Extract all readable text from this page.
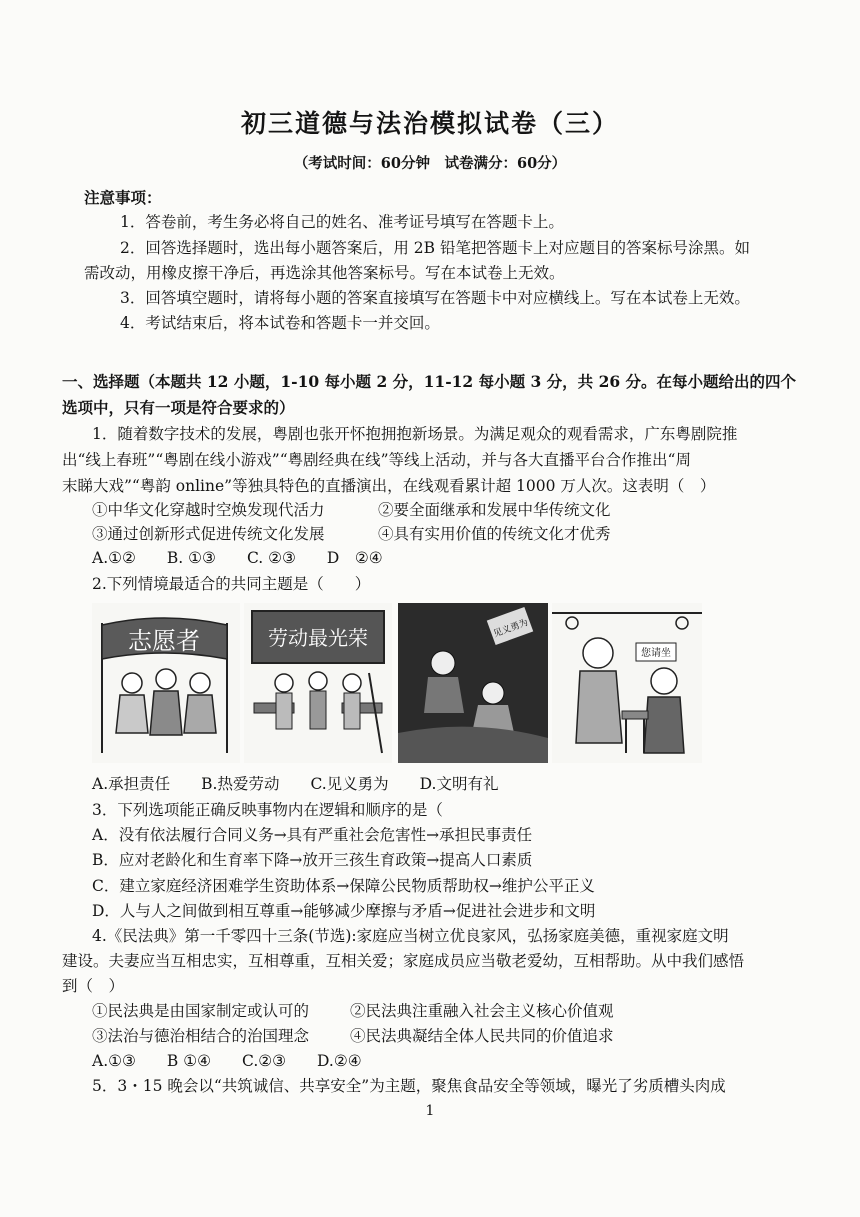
初三道德与法治模拟试卷（三）
（考试时间：60分钟　试卷满分：60分）
注意事项：
1．答卷前，考生务必将自己的姓名、准考证号填写在答题卡上。
2．回答选择题时，选出每小题答案后，用 2B 铅笔把答题卡上对应题目的答案标号涂黑。如
需改动，用橡皮擦干净后，再选涂其他答案标号。写在本试卷上无效。
3．回答填空题时，请将每小题的答案直接填写在答题卡中对应横线上。写在本试卷上无效。
4．考试结束后，将本试卷和答题卡一并交回。
一、选择题（本题共 12 小题，1-10 每小题 2 分，11-12 每小题 3 分，共 26 分。在每小题给出的四个
选项中，只有一项是符合要求的）
1．随着数字技术的发展，粤剧也张开怀抱拥抱新场景。为满足观众的观看需求，广东粤剧院推
出“线上春班”“粤剧在线小游戏”“粤剧经典在线”等线上活动，并与各大直播平台合作推出“周
末睇大戏”“粤韵 online”等独具特色的直播演出，在线观看累计超 1000 万人次。这表明（　）
①中华文化穿越时空焕发现代活力	②要全面继承和发展中华传统文化
③通过创新形式促进传统文化发展	④具有实用价值的传统文化才优秀
A.①②　　B. ①③　　C. ②③　　D　②④
2.下列情境最适合的共同主题是（　　）
志愿者	劳动最光荣	见义勇为
您请坐
A.承担责任　　B.热爱劳动　　C.见义勇为　　D.文明有礼
3．下列选项能正确反映事物内在逻辑和顺序的是（
A．没有依法履行合同义务→具有严重社会危害性→承担民事责任
B．应对老龄化和生育率下降→放开三孩生育政策→提高人口素质
C．建立家庭经济困难学生资助体系→保障公民物质帮助权→维护公平正义
D．人与人之间做到相互尊重→能够减少摩擦与矛盾→促进社会进步和文明
4.《民法典》第一千零四十三条(节选):家庭应当树立优良家风，弘扬家庭美德，重视家庭文明
建设。夫妻应当互相忠实，互相尊重，互相关爱；家庭成员应当敬老爱幼，互相帮助。从中我们感悟
到（　）
①民法典是由国家制定或认可的	②民法典注重融入社会主义核心价值观
③法治与德治相结合的治国理念	④民法典凝结全体人民共同的价值追求
A.①③　　B ①④　　C.②③　　D.②④
5．3・15 晚会以“共筑诚信、共享安全”为主题，聚焦食品安全等领域，曝光了劣质槽头肉成
1
